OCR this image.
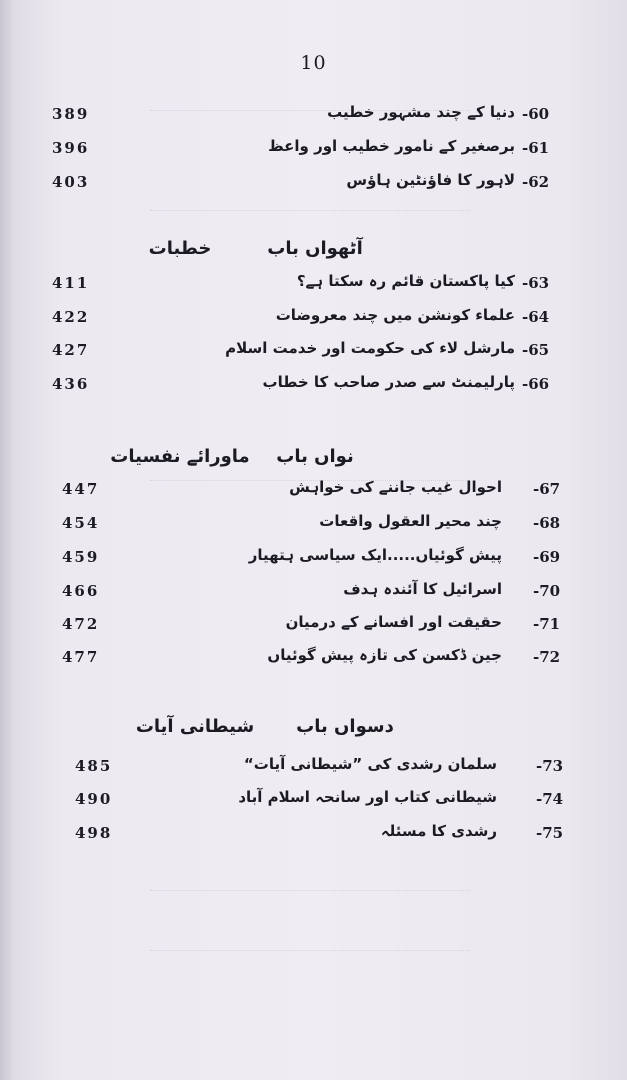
10
389	دنیا کے چند مشہور خطیب -60
396	برصغیر کے نامور خطیب اور واعظ -61
403	لاہور کا فاؤنٹین ہاؤس -62
خطبات	آٹھواں باب
411	کیا پاکستان قائم رہ سکتا ہے؟ -63
422	علماء کونشن میں چند معروضات -64
427	مارشل لاء کی حکومت اور خدمت اسلام -65
436	پارلیمنٹ سے صدر صاحب کا خطاب -66
ماورائے نفسیات	نواں باب
447	احوال غیب جاننے کی خواہش -67
454	چند محیر العقول واقعات -68
459	پیش گوئیاں.....ایک سیاسی ہتھیار -69
466	اسرائیل کا آئندہ ہدف -70
472	حقیقت اور افسانے کے درمیان -71
477	جین ڈکسن کی تازہ پیش گوئیاں -72
شیطانی آیات	دسواں باب
485	سلمان رشدی کی ”شیطانی آیات“	-73
490	شیطانی کتاب اور سانحہ اسلام آباد	-74
498	رشدی کا مسئلہ	-75
